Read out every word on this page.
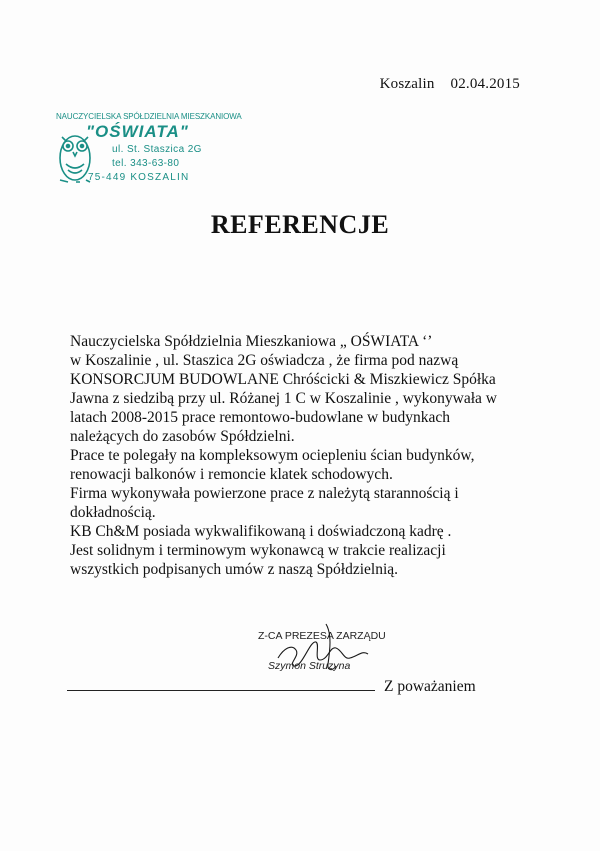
Koszalin 02.04.2015
NAUCZYCIELSKA SPÓŁDZIELNIA MIESZKANIOWA
"OŚWIATA"
ul. St. Staszica 2G
tel. 343-63-80
75-449 KOSZALIN
REFERENCJE
Nauczycielska Spółdzielnia Mieszkaniowa „ OŚWIATA ‘’
w Koszalinie , ul. Staszica 2G oświadcza , że firma pod nazwą
KONSORCJUM BUDOWLANE Chróścicki & Miszkiewicz Spółka
Jawna z siedzibą przy ul. Różanej 1 C w Koszalinie , wykonywała w
latach 2008-2015 prace remontowo-budowlane w budynkach
należących do zasobów Spółdzielni.
Prace te polegały na kompleksowym ociepleniu ścian budynków,
renowacji balkonów i remoncie klatek schodowych.
Firma wykonywała powierzone prace z należytą starannością i
dokładnością.
KB Ch&M posiada wykwalifikowaną i doświadczoną kadrę .
Jest solidnym i terminowym wykonawcą w trakcie realizacji
wszystkich podpisanych umów z naszą Spółdzielnią.
Z-CA PREZESA ZARZĄDU
Szymon Struzyna
Z poważaniem
